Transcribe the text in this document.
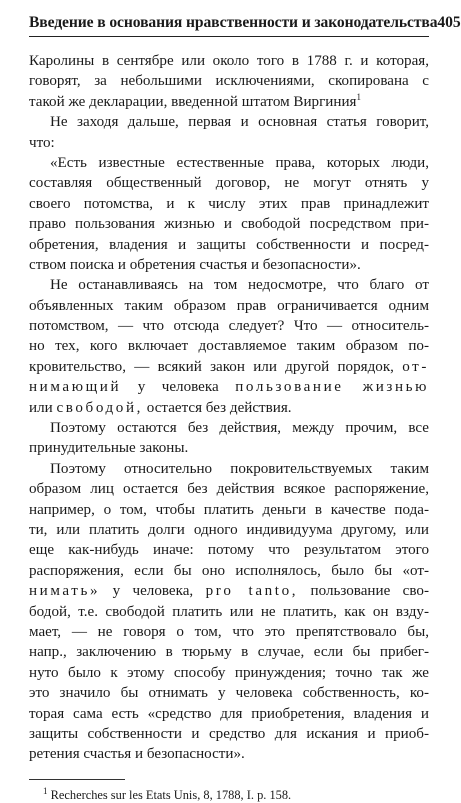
Введение в основания нравственности и законодательства 405
Каролины в сентябре или около того в 1788 г. и которая,
говорят, за небольшими исключениями, скопирована с
такой же декларации, введенной штатом Виргиния$^1$
Не заходя дальше, первая и основная статья говорит,
что:
«Есть известные естественные права, которых люди,
составляя общественный договор, не могут отнять у
своего потомства, и к числу этих прав принадлежит
право пользования жизнью и свободой посредством при-
обретения, владения и защиты собственности и посред-
ством поиска и обретения счастья и безопасности».
Не останавливаясь на том недосмотре, что благо от
объявленных таким образом прав ограничивается одним
потомством, — что отсюда следует? Что — относитель-
но тех, кого включает доставляемое таким образом по-
кровительство, — всякий закон или другой порядок, от-
нимающий у человека пользование жизнью
или свободой, остается без действия.
Поэтому остаются без действия, между прочим, все
принудительные законы.
Поэтому относительно покровительствуемых таким
образом лиц остается без действия всякое распоряжение,
например, о том, чтобы платить деньги в качестве пода-
ти, или платить долги одного индивидуума другому, или
еще как-нибудь иначе: потому что результатом этого
распоряжения, если бы оно исполнялось, было бы «от-
нимать» у человека, pro tanto, пользование сво-
бодой, т.е. свободой платить или не платить, как он взду-
мает, — не говоря о том, что это препятствовало бы,
напр., заключению в тюрьму в случае, если бы прибег-
нуто было к этому способу принуждения; точно так же
это значило бы отнимать у человека собственность, ко-
торая сама есть «средство для приобретения, владения и
защиты собственности и средство для искания и приоб-
ретения счастья и безопасности».
$^1$ Recherches sur les Etats Unis, 8, 1788, I. p. 158.
